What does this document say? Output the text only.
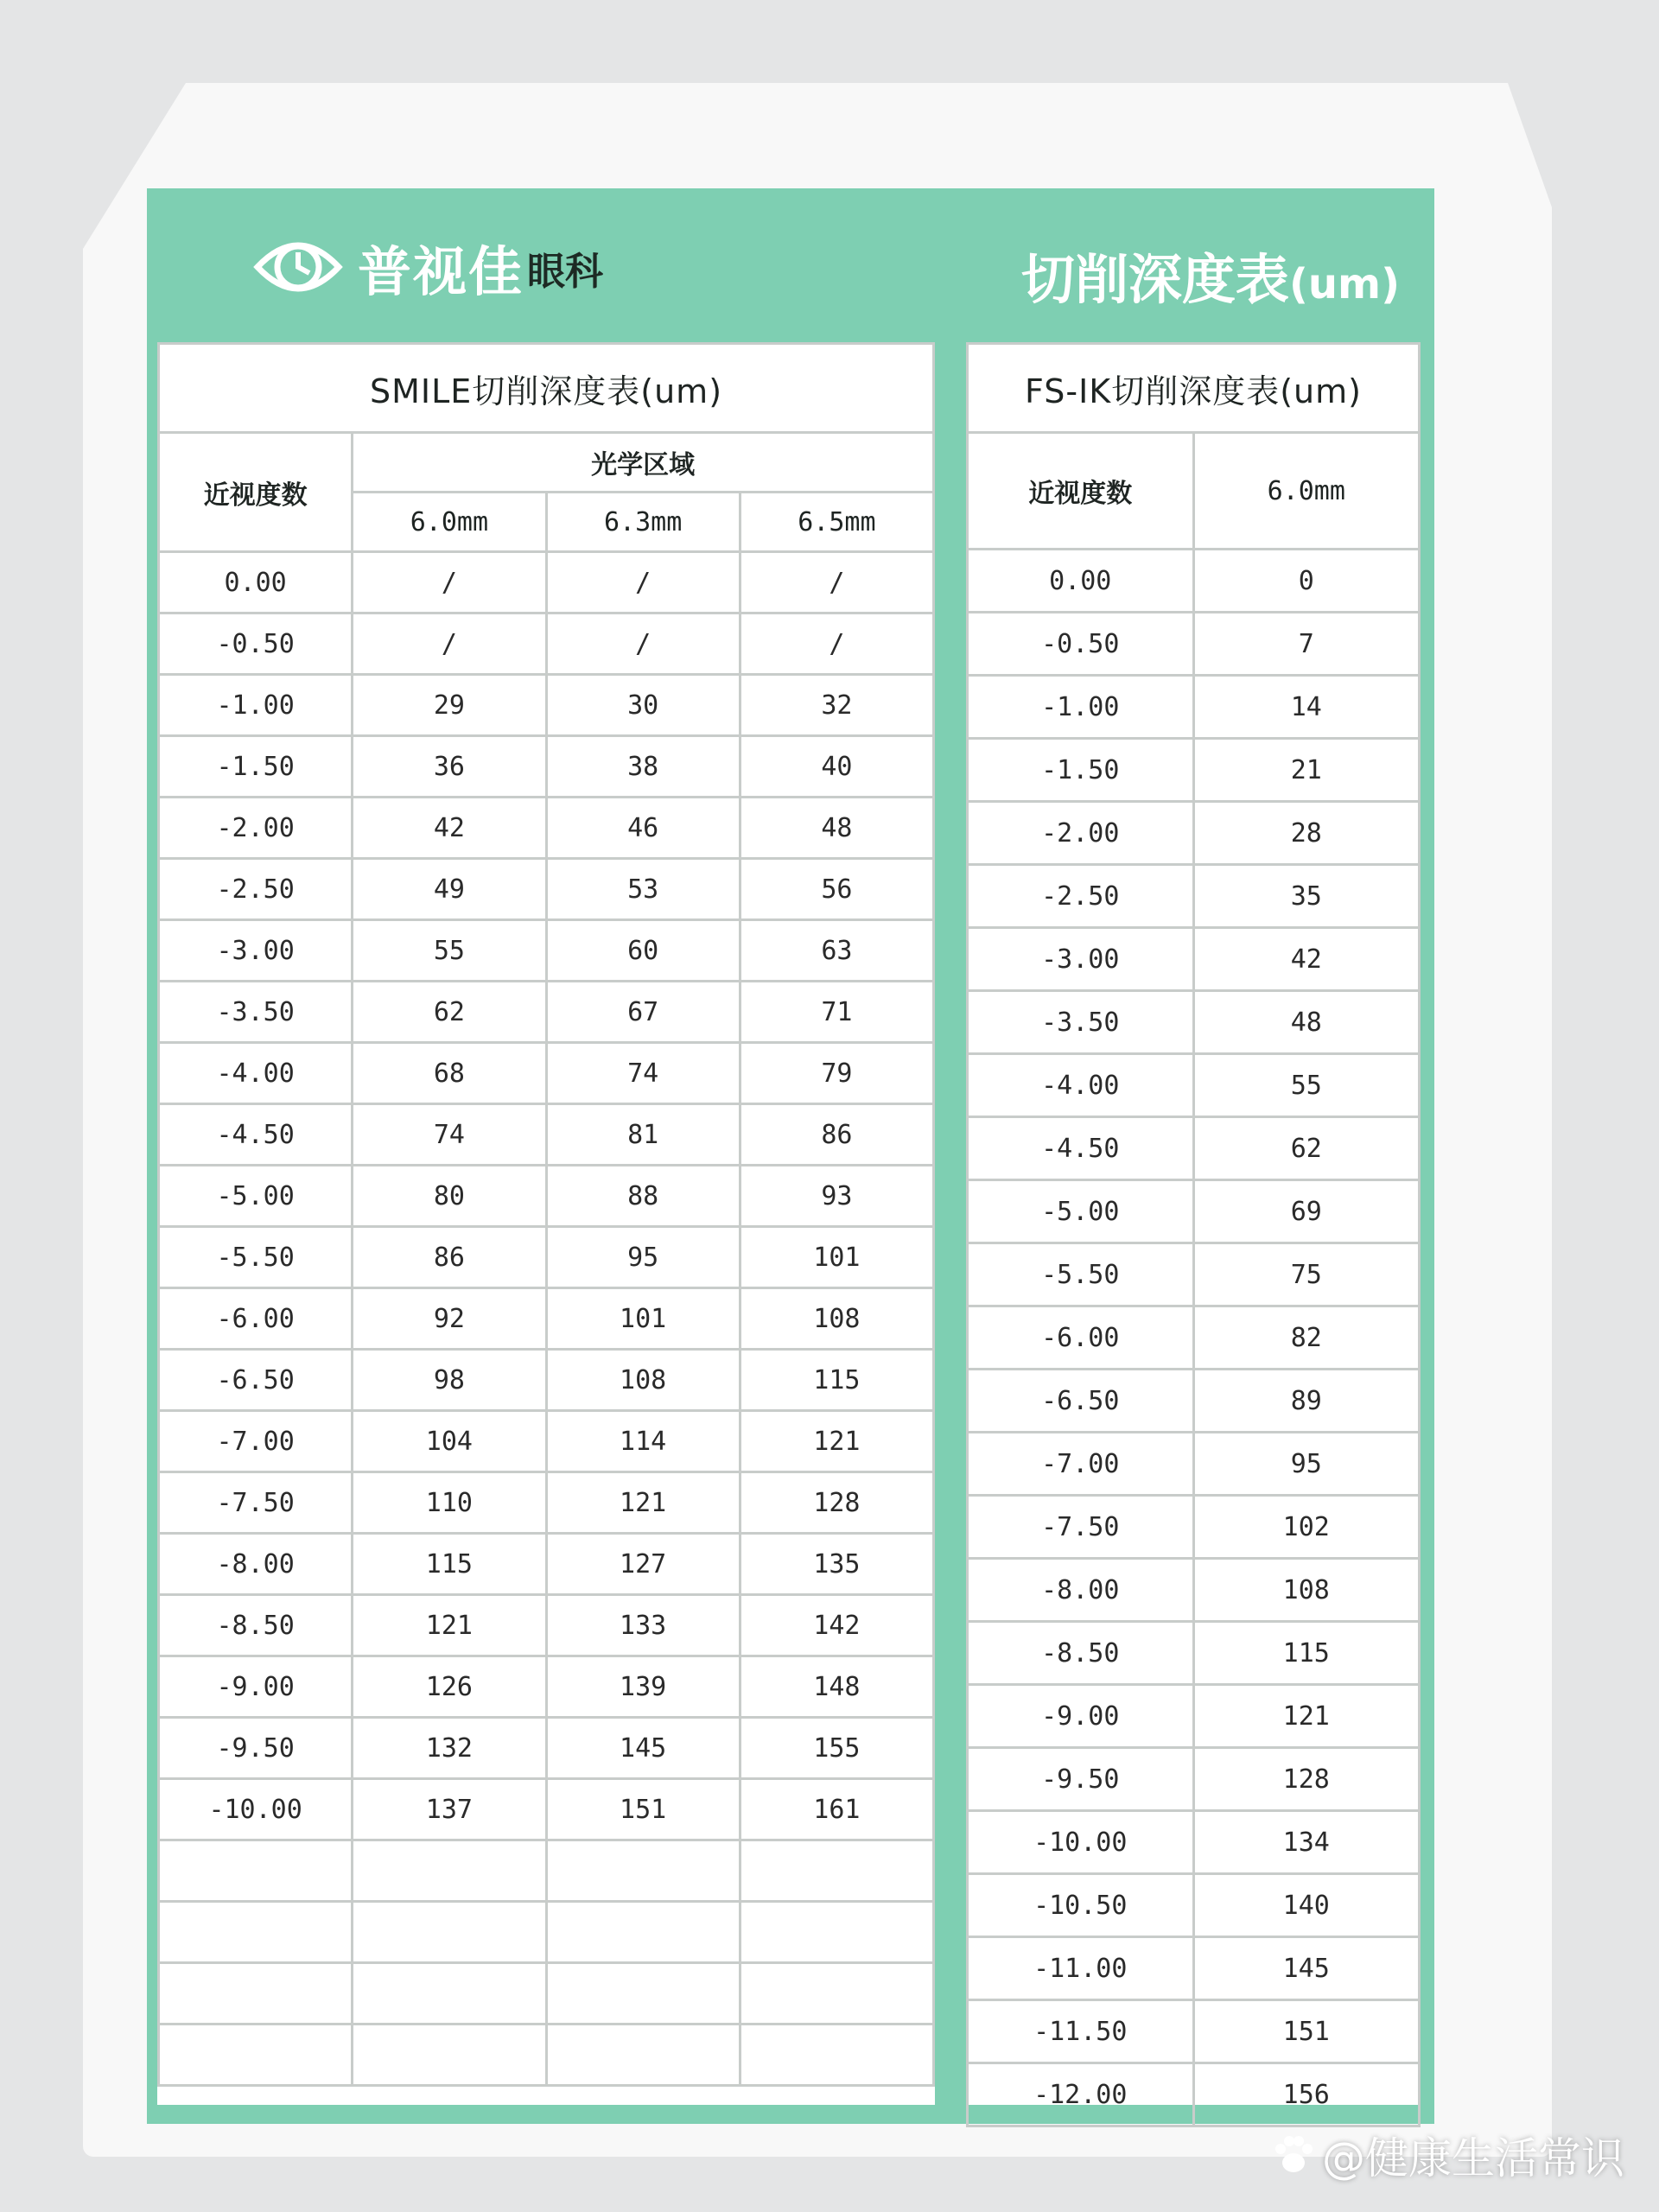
普视佳 眼科	切削深度表(um)
SMILE切削深度表(um)			
近视度数	光学区域		
	6.0mm	6.3mm	6.5mm
0.00	/	/	/
-0.50	/	/	/
-1.00	29	30	32
-1.50	36	38	40
-2.00	42	46	48
-2.50	49	53	56
-3.00	55	60	63
-3.50	62	67	71
-4.00	68	74	79
-4.50	74	81	86
-5.00	80	88	93
-5.50	86	95	101
-6.00	92	101	108
-6.50	98	108	115
-7.00	104	114	121
-7.50	110	121	128
-8.00	115	127	135
-8.50	121	133	142
-9.00	126	139	148
-9.50	132	145	155
-10.00	137	151	161

FS-IK切削深度表(um)	
近视度数	6.0mm
0.00	0
-0.50	7
-1.00	14
-1.50	21
-2.00	28
-2.50	35
-3.00	42
-3.50	48
-4.00	55
-4.50	62
-5.00	69
-5.50	75
-6.00	82
-6.50	89
-7.00	95
-7.50	102
-8.00	108
-8.50	115
-9.00	121
-9.50	128
-10.00	134
-10.50	140
-11.00	145
-11.50	151
-12.00	156
@健康生活常识
